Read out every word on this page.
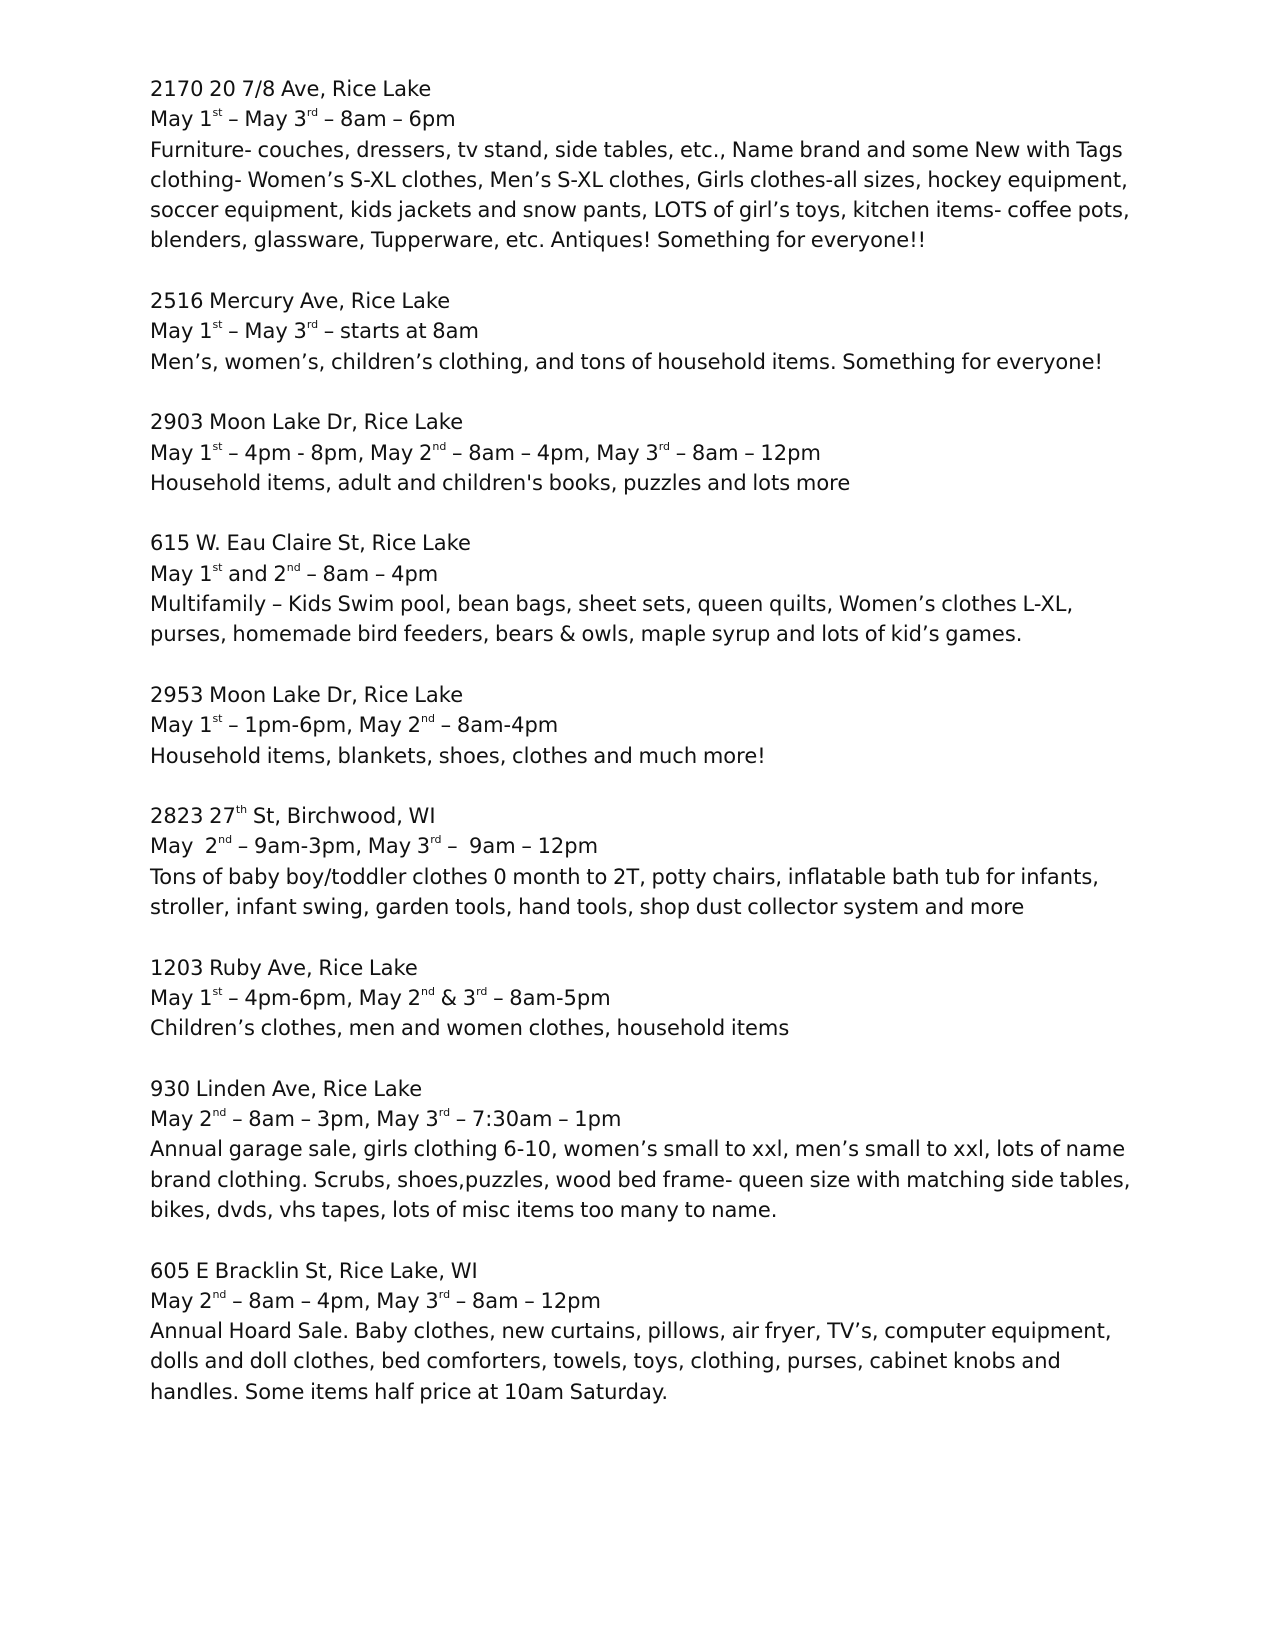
2170 20 7/8 Ave, Rice Lake
May 1st – May 3rd – 8am – 6pm
Furniture- couches, dressers, tv stand, side tables, etc., Name brand and some New with Tags clothing- Women’s S-XL clothes, Men’s S-XL clothes, Girls clothes-all sizes, hockey equipment, soccer equipment, kids jackets and snow pants, LOTS of girl’s toys, kitchen items- coffee pots, blenders, glassware, Tupperware, etc. Antiques! Something for everyone!!
2516 Mercury Ave, Rice Lake
May 1st – May 3rd – starts at 8am
Men’s, women’s, children’s clothing, and tons of household items. Something for everyone!
2903 Moon Lake Dr, Rice Lake
May 1st – 4pm - 8pm, May 2nd – 8am – 4pm, May 3rd – 8am – 12pm
Household items, adult and children's books, puzzles and lots more
615 W. Eau Claire St, Rice Lake
May 1st and 2nd – 8am – 4pm
Multifamily – Kids Swim pool, bean bags, sheet sets, queen quilts, Women’s clothes L-XL, purses, homemade bird feeders, bears & owls, maple syrup and lots of kid’s games.
2953 Moon Lake Dr, Rice Lake
May 1st – 1pm-6pm, May 2nd – 8am-4pm
Household items, blankets, shoes, clothes and much more!
2823 27th St, Birchwood, WI
May  2nd – 9am-3pm, May 3rd –  9am – 12pm
Tons of baby boy/toddler clothes 0 month to 2T, potty chairs, inflatable bath tub for infants, stroller, infant swing, garden tools, hand tools, shop dust collector system and more
1203 Ruby Ave, Rice Lake
May 1st – 4pm-6pm, May 2nd & 3rd – 8am-5pm
Children’s clothes, men and women clothes, household items
930 Linden Ave, Rice Lake
May 2nd – 8am – 3pm, May 3rd – 7:30am – 1pm
Annual garage sale, girls clothing 6-10, women’s small to xxl, men’s small to xxl, lots of name brand clothing. Scrubs, shoes,puzzles, wood bed frame- queen size with matching side tables, bikes, dvds, vhs tapes, lots of misc items too many to name.
605 E Bracklin St, Rice Lake, WI
May 2nd – 8am – 4pm, May 3rd – 8am – 12pm
Annual Hoard Sale. Baby clothes, new curtains, pillows, air fryer, TV’s, computer equipment, dolls and doll clothes, bed comforters, towels, toys, clothing, purses, cabinet knobs and handles. Some items half price at 10am Saturday.
